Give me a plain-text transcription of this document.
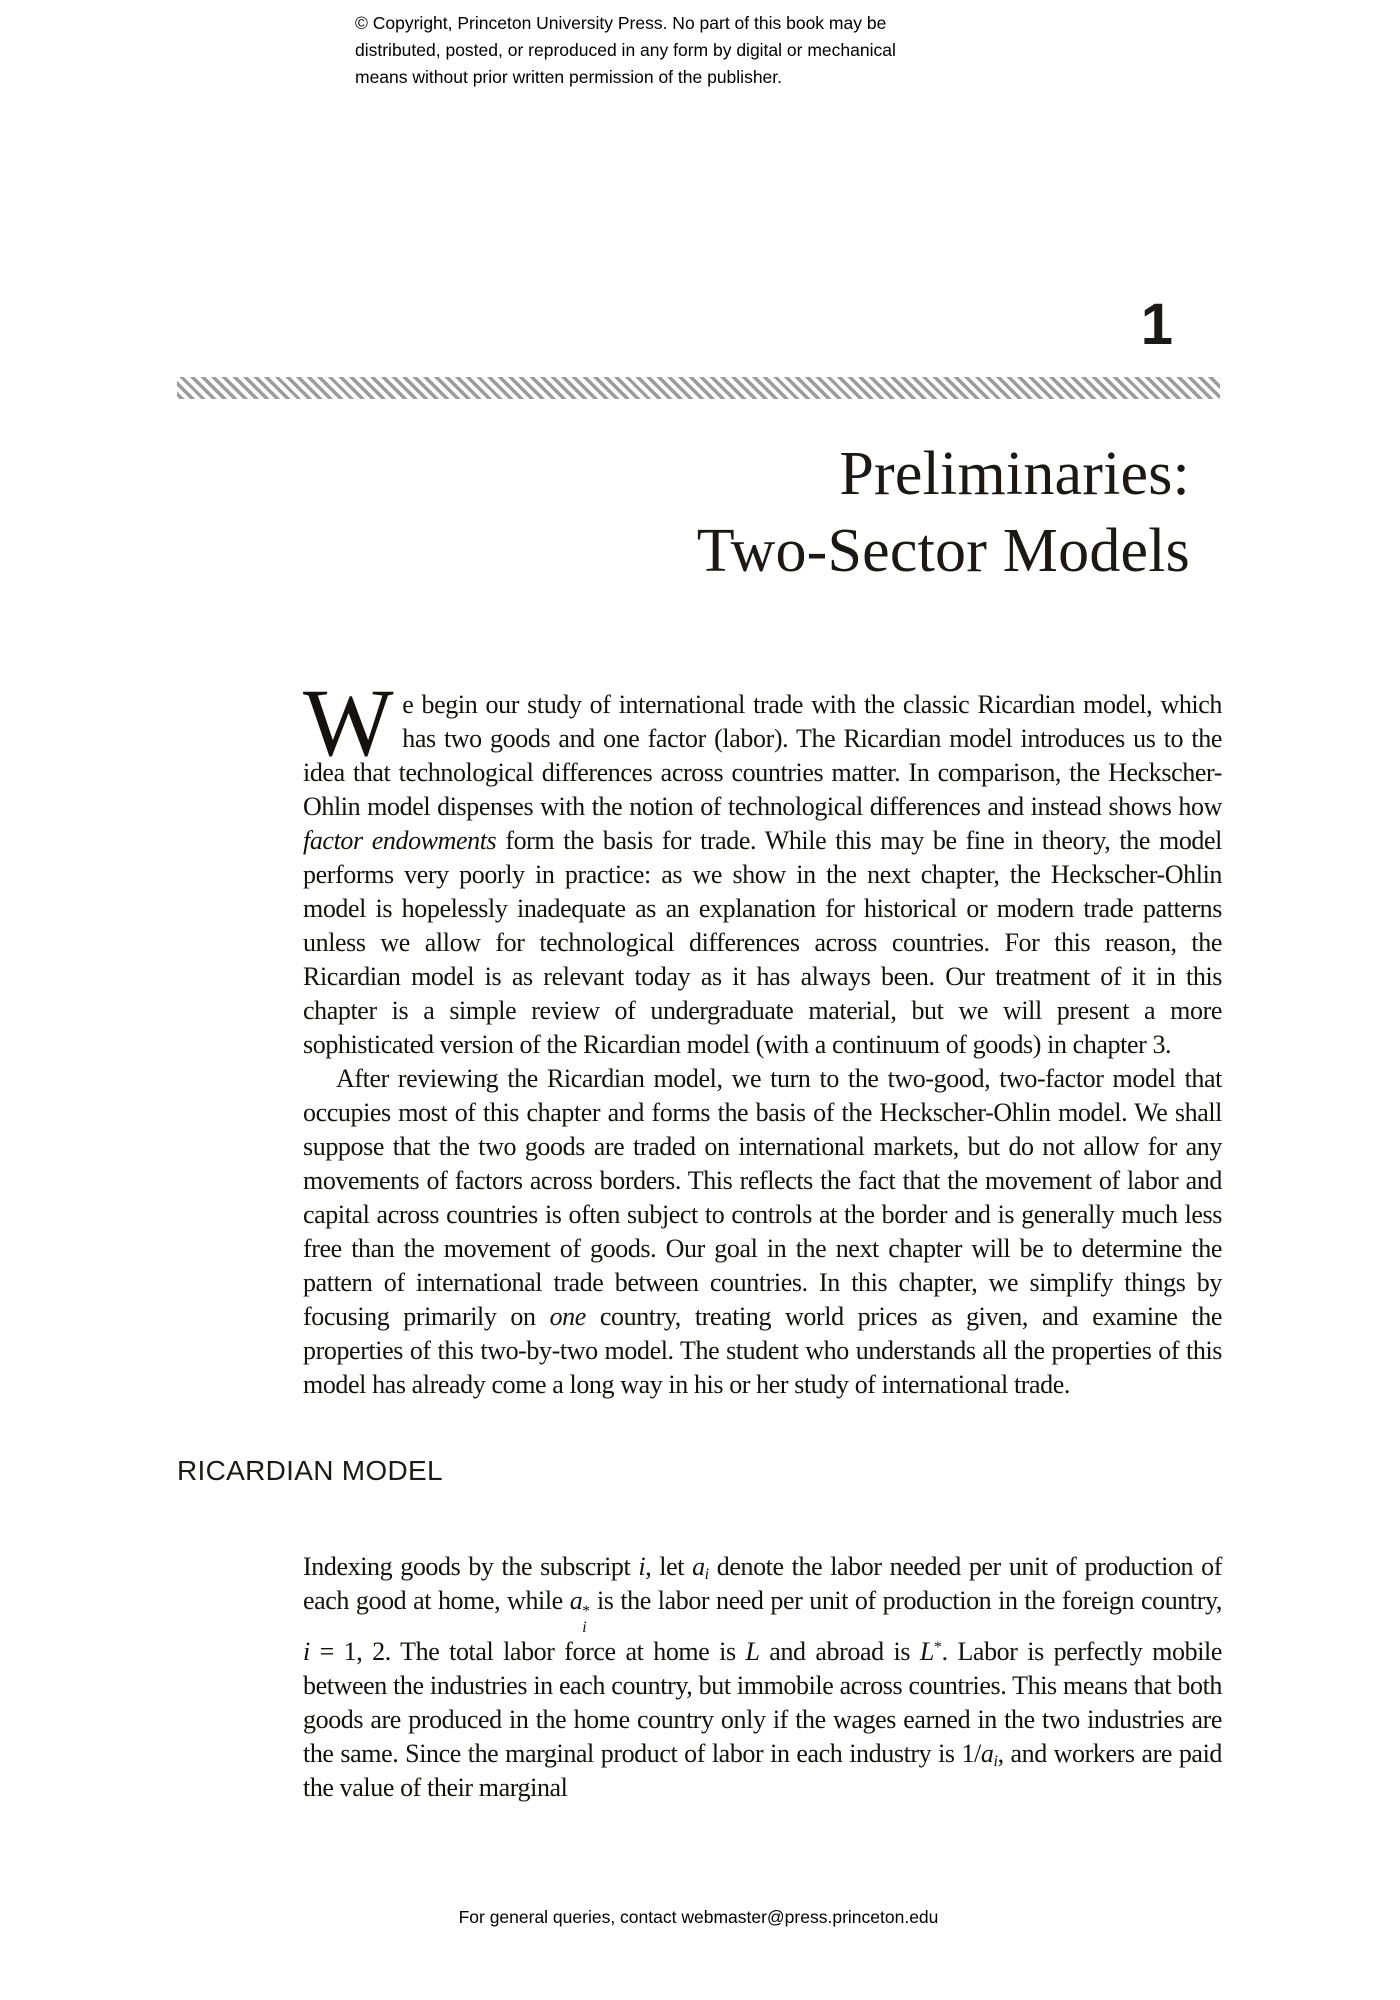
© Copyright, Princeton University Press. No part of this book may be
distributed, posted, or reproduced in any form by digital or mechanical
means without prior written permission of the publisher.
1
Preliminaries:
Two-Sector Models

We begin our study of international trade with the classic Ricardian model, which has two goods and one factor (labor). The Ricardian model introduces us to the idea that technological differences across countries matter. In comparison, the Heckscher-Ohlin model dispenses with the notion of technological differences and instead shows how factor endowments form the basis for trade. While this may be fine in theory, the model performs very poorly in practice: as we show in the next chapter, the Heckscher-Ohlin model is hopelessly inadequate as an explanation for historical or modern trade patterns unless we allow for technological differences across countries. For this reason, the Ricardian model is as relevant today as it has always been. Our treatment of it in this chapter is a simple review of undergraduate material, but we will present a more sophisticated version of the Ricardian model (with a continuum of goods) in chapter 3.

After reviewing the Ricardian model, we turn to the two-good, two-factor model that occupies most of this chapter and forms the basis of the Heckscher-Ohlin model. We shall suppose that the two goods are traded on international markets, but do not allow for any movements of factors across borders. This reflects the fact that the movement of labor and capital across countries is often subject to controls at the border and is generally much less free than the movement of goods. Our goal in the next chapter will be to determine the pattern of international trade between countries. In this chapter, we simplify things by focusing primarily on one country, treating world prices as given, and examine the properties of this two-by-two model. The student who understands all the properties of this model has already come a long way in his or her study of international trade.

RICARDIAN MODEL

Indexing goods by the subscript i, let $a_i$ denote the labor needed per unit of production of each good at home, while a *
i
is the labor need per unit of production in the foreign country, i = 1, 2. The total labor force at home is L and abroad is L*. Labor is perfectly mobile between the industries in each country, but immobile across countries. This means that both goods are produced in the home country only if the wages earned in the two industries are the same. Since the marginal product of labor in each industry is $1/a_i$, and workers are paid the value of their marginal

For general queries, contact webmaster@press.princeton.edu
